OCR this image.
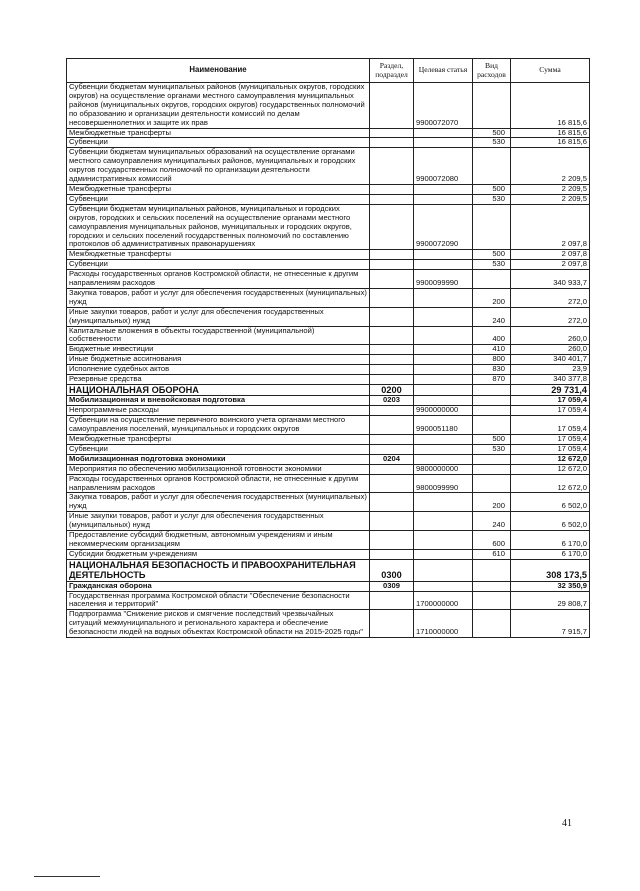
Наименование	Раздел, подраздел	Целевая статья	Вид расходов	Сумма
Субвенции бюджетам муниципальных районов (муниципальных округов, городских округов) на осуществление органами местного самоуправления муниципальных районов (муниципальных округов, городских округов) государственных полномочий по образованию и организации деятельности комиссий по делам несовершеннолетних и защите их прав		9900072070		16 815,6
Межбюджетные трансферты			500	16 815,6
Субвенции			530	16 815,6
Субвенции бюджетам муниципальных образований на осуществление органами местного самоуправления муниципальных районов, муниципальных и городских округов государственных полномочий по организации деятельности административных комиссий		9900072080		2 209,5
Межбюджетные трансферты			500	2 209,5
Субвенции			530	2 209,5
Субвенции бюджетам муниципальных районов, муниципальных и городских округов, городских и сельских поселений на осуществление органами местного самоуправления муниципальных районов, муниципальных и городских округов, городских и сельских поселений государственных полномочий по составлению протоколов об административных правонарушениях		9900072090		2 097,8
Межбюджетные трансферты			500	2 097,8
Субвенции			530	2 097,8
Расходы государственных органов Костромской области, не отнесенные к другим направлениям расходов		9900099990		340 933,7
Закупка товаров, работ и услуг для обеспечения государственных (муниципальных) нужд			200	272,0
Иные закупки товаров, работ и услуг для обеспечения государственных (муниципальных) нужд			240	272,0
Капитальные вложения в объекты государственной (муниципальной) собственности			400	260,0
Бюджетные инвестиции			410	260,0
Иные бюджетные ассигнования			800	340 401,7
Исполнение судебных актов			830	23,9
Резервные средства			870	340 377,8
НАЦИОНАЛЬНАЯ ОБОРОНА	0200			29 731,4
Мобилизационная и вневойсковая подготовка	0203			17 059,4
Непрограммные расходы		9900000000		17 059,4
Субвенции на осуществление первичного воинского учета органами местного самоуправления поселений, муниципальных и городских округов		9900051180		17 059,4
Межбюджетные трансферты			500	17 059,4
Субвенции			530	17 059,4
Мобилизационная подготовка экономики	0204			12 672,0
Мероприятия по обеспечению мобилизационной готовности экономики		9800000000		12 672,0
Расходы государственных органов Костромской области, не отнесенные к другим направлениям расходов		9800099990		12 672,0
Закупка товаров, работ и услуг для обеспечения государственных (муниципальных) нужд			200	6 502,0
Иные закупки товаров, работ и услуг для обеспечения государственных (муниципальных) нужд			240	6 502,0
Предоставление субсидий бюджетным, автономным учреждениям и иным некоммерческим организациям			600	6 170,0
Субсидии бюджетным учреждениям			610	6 170,0
НАЦИОНАЛЬНАЯ БЕЗОПАСНОСТЬ И ПРАВООХРАНИТЕЛЬНАЯ ДЕЯТЕЛЬНОСТЬ	0300			308 173,5
Гражданская оборона	0309			32 350,9
Государственная программа Костромской области "Обеспечение безопасности населения и территорий"		1700000000		29 808,7
Подпрограмма "Снижение рисков и смягчение последствий чрезвычайных ситуаций межмуниципального и регионального характера и обеспечение безопасности людей на водных объектах Костромской области на 2015-2025 годы"		1710000000		7 915,7
41
